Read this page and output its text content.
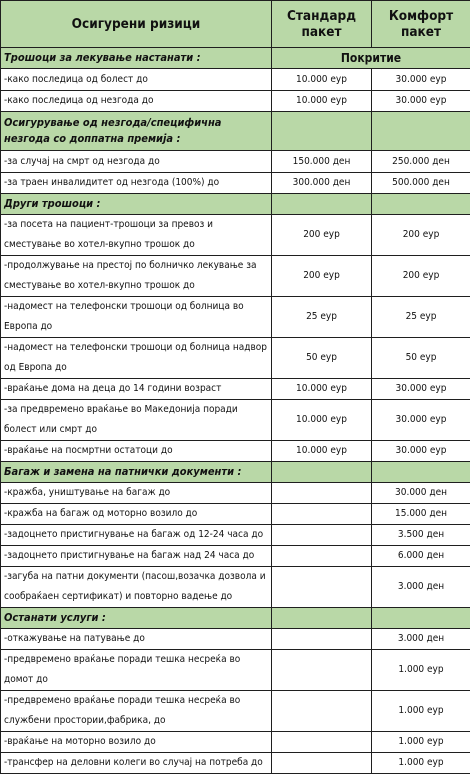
Осигурени ризици	Стандард пакет	Комфорт пакет
Трошоци за лекување настанати :	Покритие	
-како последица од болест до	10.000 еур	30.000 еур
-како последица од незгода до	10.000 еур	30.000 еур
Осигурување од незгода/специфична незгода со доппатна премија :		
-за случај на смрт од незгода до	150.000 ден	250.000 ден
-за траен инвалидитет од незгода (100%) до	300.000 ден	500.000 ден
Други трошоци :		
-за посета на пациент-трошоци за превоз и сместување во хотел-вкупно трошок до	200 еур	200 еур
-продолжување на престој по болничко лекување за сместување во хотел-вкупно трошок до	200 еур	200 еур
-надомест на телефонски трошоци од болница во Европа до	25 еур	25 еур
-надомест на телефонски трошоци од болница надвор од Европа до	50 еур	50 еур
-враќање дома на деца до 14 години возраст	10.000 еур	30.000 еур
-за предвремено враќање во Македонија поради болест или смрт до	10.000 еур	30.000 еур
-враќање на посмртни остатоци до	10.000 еур	30.000 еур
Багаж и замена на патнички документи :		
-кражба, уништување на багаж до		30.000 ден
-кражба на багаж од моторно возило до		15.000 ден
-задоцнето пристигнување на багаж од 12-24 часа до		3.500 ден
-задоцнето пристигнување на багаж над 24 часа до		6.000 ден
-загуба на патни документи (пасош,возачка дозвола и сообраќаен сертификат) и повторно вадење до		3.000 ден
Останати услуги :		
-откажување на патување до		3.000 ден
-предвремено враќање поради тешка несреќа во домот до		1.000 еур
-предвремено враќање поради тешка несреќа во службени простории,фабрика, до		1.000 еур
-враќање на моторно возило до		1.000 еур
-трансфер на деловни колеги во случај на потреба до		1.000 еур
